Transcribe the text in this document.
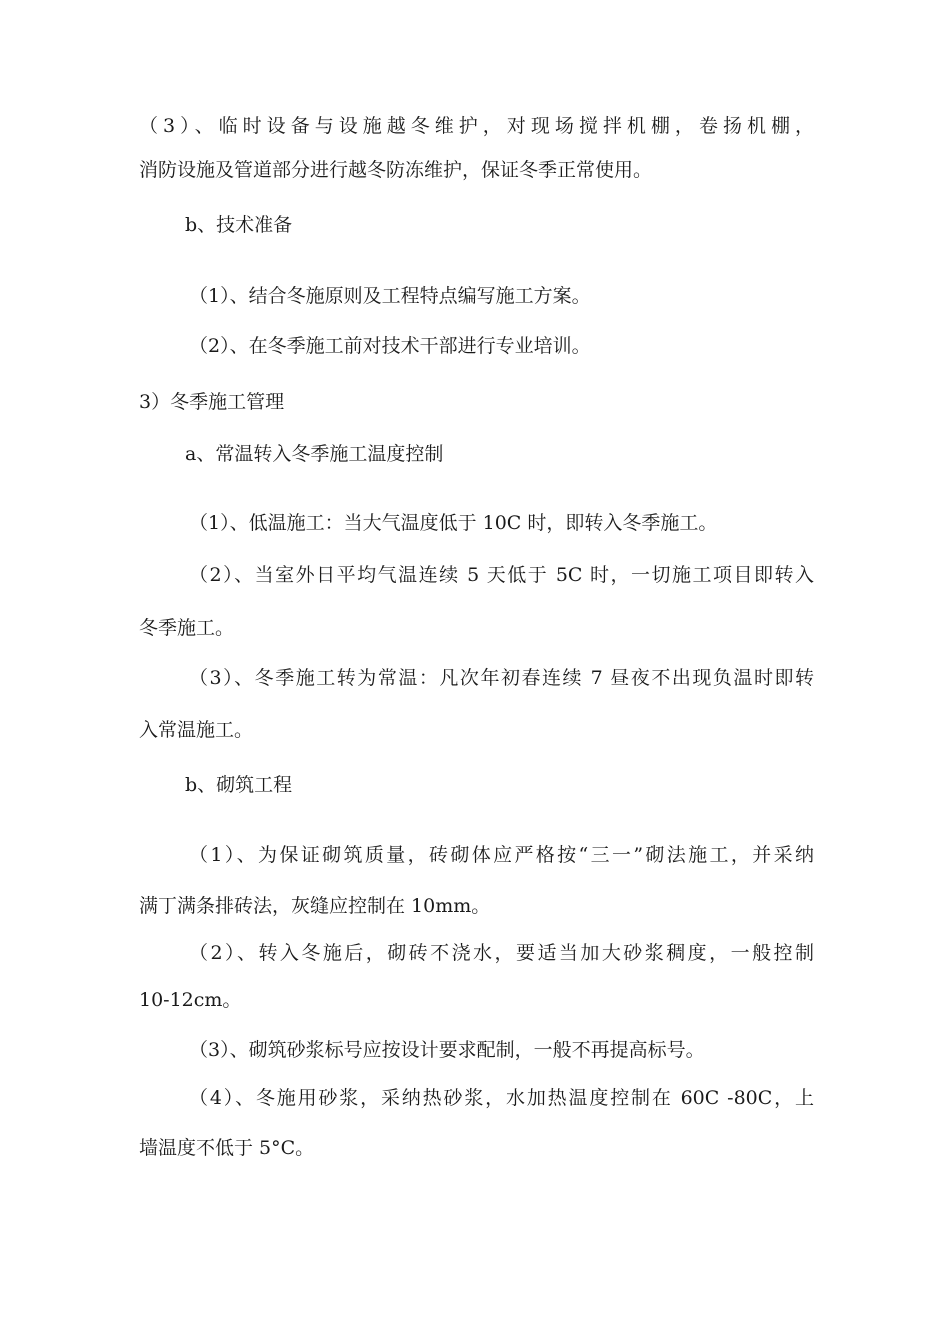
（3）、临时设备与设施越冬维护，对现场搅拌机棚，卷扬机棚，
消防设施及管道部分进行越冬防冻维护，保证冬季正常使用。
b、技术准备
（1）、结合冬施原则及工程特点编写施工方案。
（2）、在冬季施工前对技术干部进行专业培训。
3）冬季施工管理
a、常温转入冬季施工温度控制
（1）、低温施工：当大气温度低于 10C 时，即转入冬季施工。
（2）、当室外日平均气温连续 5 天低于 5C 时，一切施工项目即转入
冬季施工。
（3）、冬季施工转为常温：凡次年初春连续 7 昼夜不出现负温时即转
入常温施工。
b、砌筑工程
（1）、为保证砌筑质量，砖砌体应严格按“三一”砌法施工，并采纳
满丁满条排砖法，灰缝应控制在 10mm。
（2）、转入冬施后，砌砖不浇水，要适当加大砂浆稠度，一般控制
10-12cm。
（3）、砌筑砂浆标号应按设计要求配制，一般不再提高标号。
（4）、冬施用砂浆，采纳热砂浆，水加热温度控制在 60C -80C，上
墙温度不低于 5°C。
